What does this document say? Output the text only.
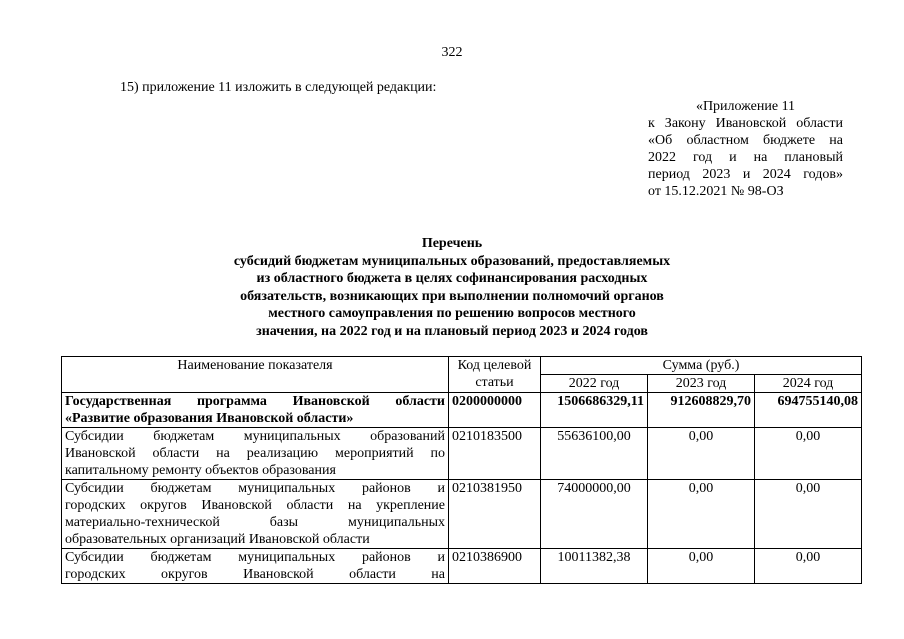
322
15) приложение 11 изложить в следующей редакции:
«Приложение 11
к Закону Ивановской области
«Об областном бюджете на
2022 год и на плановый
период 2023 и 2024 годов»
от 15.12.2021 № 98-ОЗ
Перечень
субсидий бюджетам муниципальных образований, предоставляемых
из областного бюджета в целях софинансирования расходных
обязательств, возникающих при выполнении полномочий органов
местного самоуправления по решению вопросов местного
значения, на 2022 год и на плановый период 2023 и 2024 годов
Наименование показателя	Код целевой
статьи	Сумма (руб.)		
		2022 год	2023 год	2024 год

Государственная программа Ивановской области
«Развитие образования Ивановской области»	0200000000	1506686329,11	912608829,70	694755140,08

Субсидии бюджетам муниципальных образований
Ивановской области на реализацию мероприятий по
капитальному ремонту объектов образования	0210183500	55636100,00	0,00	0,00

Субсидии бюджетам муниципальных районов и
городских округов Ивановской области на укрепление
материально-технической базы муниципальных
образовательных организаций Ивановской области	0210381950	74000000,00	0,00	0,00

Субсидии бюджетам муниципальных районов и
городских округов Ивановской области на	0210386900	10011382,38	0,00	0,00
